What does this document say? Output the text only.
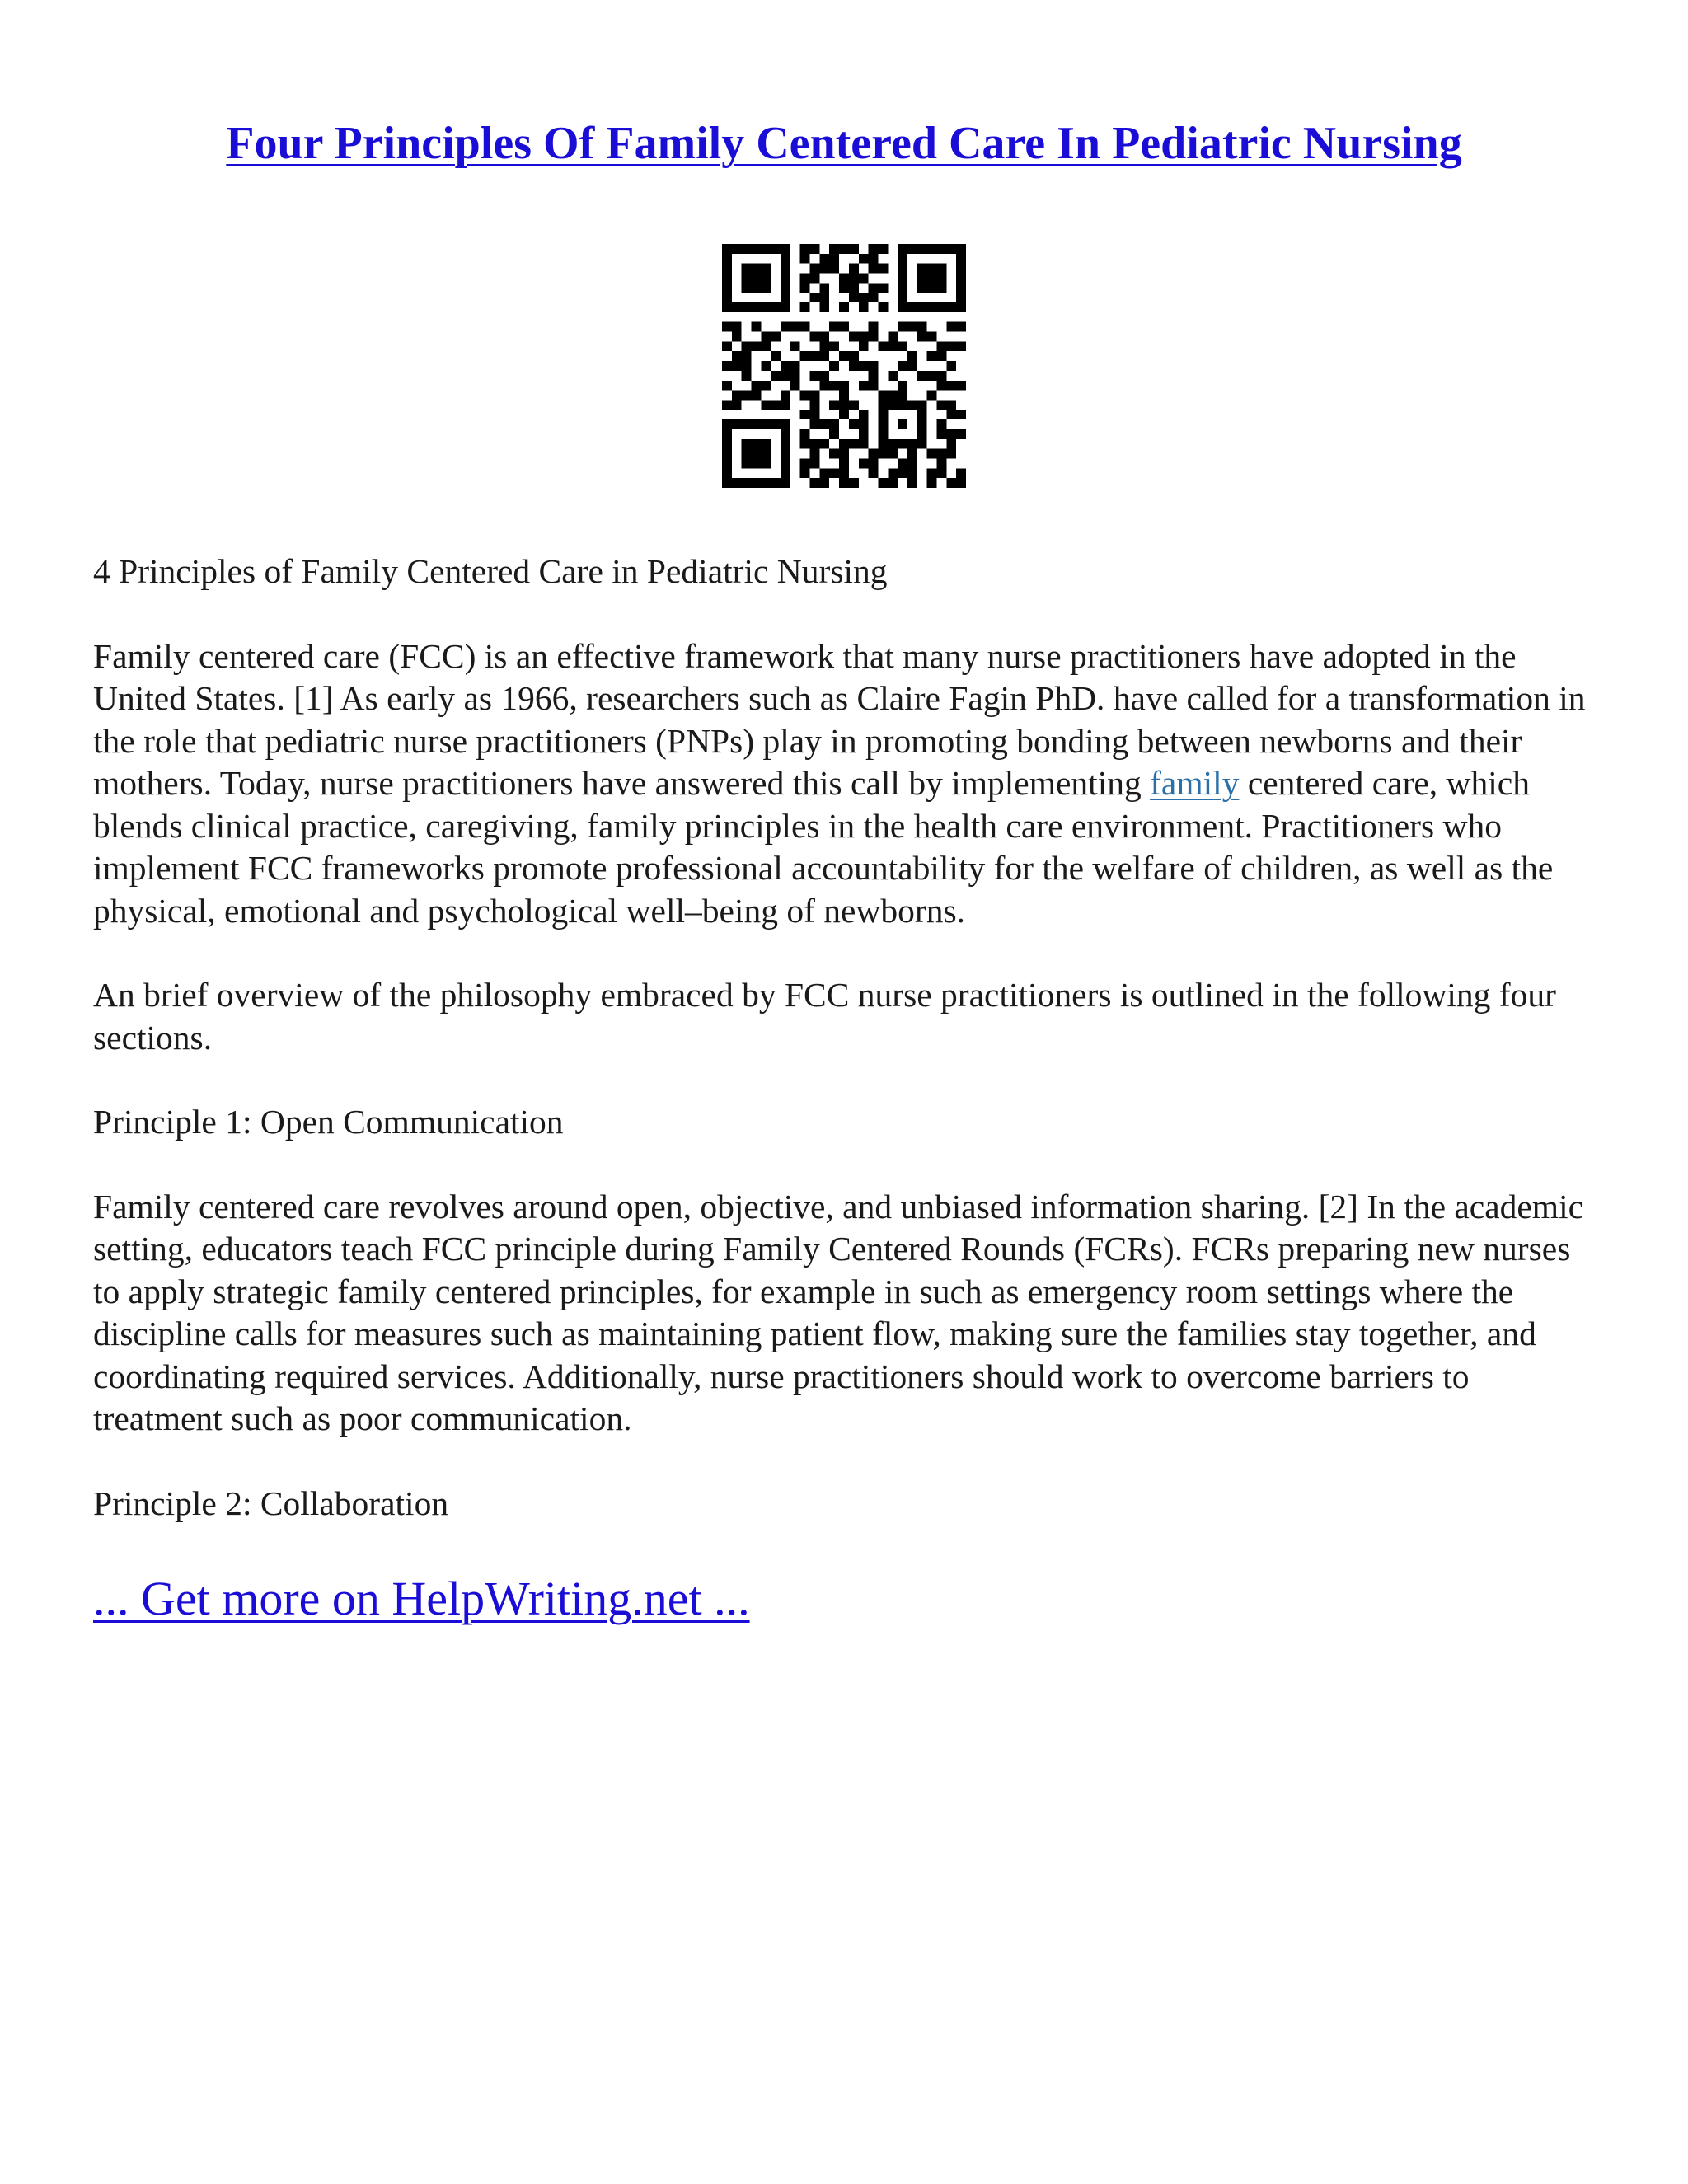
Four Principles Of Family Centered Care In Pediatric Nursing

4 Principles of Family Centered Care in Pediatric Nursing

Family centered care (FCC) is an effective framework that many nurse practitioners have adopted in the United States. [1] As early as 1966, researchers such as Claire Fagin PhD. have called for a transformation in the role that pediatric nurse practitioners (PNPs) play in promoting bonding between newborns and their mothers. Today, nurse practitioners have answered this call by implementing family centered care, which blends clinical practice, caregiving, family principles in the health care environment. Practitioners who implement FCC frameworks promote professional accountability for the welfare of children, as well as the physical, emotional and psychological well–being of newborns.

An brief overview of the philosophy embraced by FCC nurse practitioners is outlined in the following four sections.

Principle 1: Open Communication

Family centered care revolves around open, objective, and unbiased information sharing. [2] In the academic setting, educators teach FCC principle during Family Centered Rounds (FCRs). FCRs preparing new nurses to apply strategic family centered principles, for example in such as emergency room settings where the discipline calls for measures such as maintaining patient flow, making sure the families stay together, and coordinating required services. Additionally, nurse practitioners should work to overcome barriers to treatment such as poor communication.

Principle 2: Collaboration

... Get more on HelpWriting.net ...
